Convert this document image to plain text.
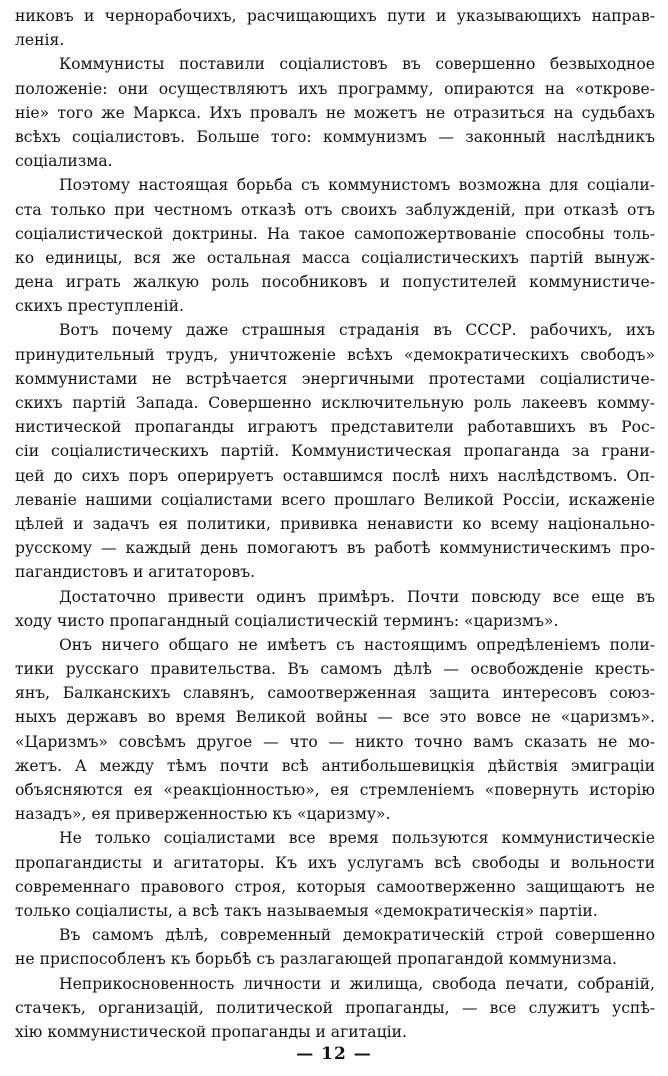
никовъ и чернорабочихъ, расчищающихъ пути и указывающихъ направ-
ленія.
Коммунисты поставили соціалистовъ въ совершенно безвыходное
положеніе: они осуществляютъ ихъ программу, опираются на «открове-
ніе» того же Маркса. Ихъ провалъ не можетъ не отразиться на судьбахъ
всѣхъ соціалистовъ. Больше того: коммунизмъ — законный наслѣдникъ
соціализма.
Поэтому настоящая борьба съ коммунистомъ возможна для соціали-
ста только при честномъ отказѣ отъ своихъ заблужденій, при отказѣ отъ
соціалистической доктрины. На такое самопожертвованіе способны толь-
ко единицы, вся же остальная масса соціалистическихъ партій вынуж-
дена играть жалкую роль пособниковъ и попустителей коммунистиче-
скихъ преступленій.
Вотъ почему даже страшныя страданія въ СССР. рабочихъ, ихъ
принудительный трудъ, уничтоженіе всѣхъ «демократическихъ свободъ»
коммунистами не встрѣчается энергичными протестами соціалистиче-
скихъ партій Запада. Совершенно исключительную роль лакеевъ комму-
нистической пропаганды играютъ представители работавшихъ въ Рос-
сіи соціалистическихъ партій. Коммунистическая пропаганда за грани-
цей до сихъ поръ оперируетъ оставшимся послѣ нихъ наслѣдствомъ. Оп-
леваніе нашими соціалистами всего прошлаго Великой Россіи, искаженіе
цѣлей и задачъ ея политики, прививка ненависти ко всему національно-
русскому — каждый день помогаютъ въ работѣ коммунистическимъ про-
пагандистовъ и агитаторовъ.
Достаточно привести одинъ примѣръ. Почти повсюду все еще въ
ходу чисто пропагандный соціалистическій терминъ: «царизмъ».
Онъ ничего общаго не имѣетъ съ настоящимъ опредѣленіемъ поли-
тики русскаго правительства. Въ самомъ дѣлѣ — освобожденіе кресть-
янъ, Балканскихъ славянъ, самоотверженная защита интересовъ союз-
ныхъ державъ во время Великой войны — все это вовсе не «царизмъ».
«Царизмъ» совсѣмъ другое — что — никто точно вамъ сказать не мо-
жетъ. А между тѣмъ почти всѣ антибольшевицкія дѣйствія эмиграціи
объясняются ея «реакціонностью», ея стремленіемъ «повернуть исторію
назадъ», ея приверженностью къ «царизму».
Не только соціалистами все время пользуются коммунистическіе
пропагандисты и агитаторы. Къ ихъ услугамъ всѣ свободы и вольности
современнаго правового строя, которыя самоотверженно защищаютъ не
только соціалисты, а всѣ такъ называемыя «демократическія» партіи.
Въ самомъ дѣлѣ, современный демократическій строй совершенно
не приспособленъ къ борьбѣ съ разлагающей пропагандой коммунизма.
Неприкосновенность личности и жилища, свобода печати, собраній,
стачекъ, организацій, политической пропаганды, — все служитъ успѣ-
хію коммунистической пропаганды и агитаціи.
— 12 —
